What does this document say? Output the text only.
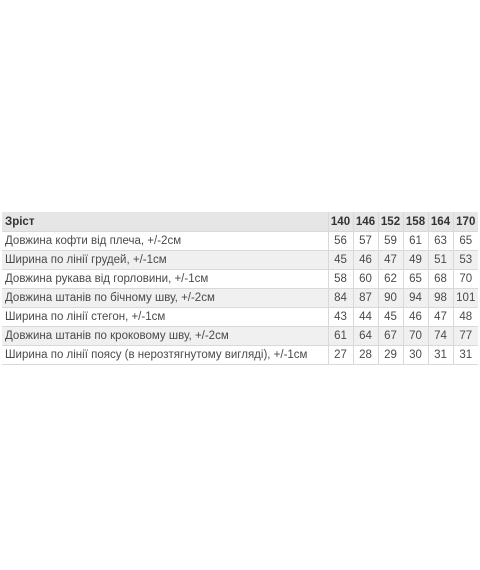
Зріст	140	146	152	158	164	170
Довжина кофти від плеча, +/-2см	56	57	59	61	63	65
Ширина по лінії грудей, +/-1см	45	46	47	49	51	53
Довжина рукава від горловини, +/-1см	58	60	62	65	68	70
Довжина штанів по бічному шву, +/-2см	84	87	90	94	98	101
Ширина по лінії стегон, +/-1см	43	44	45	46	47	48
Довжина штанів по кроковому шву, +/-2см	61	64	67	70	74	77
Ширина по лінії поясу (в нерозтягнутому вигляді), +/-1см	27	28	29	30	31	31
